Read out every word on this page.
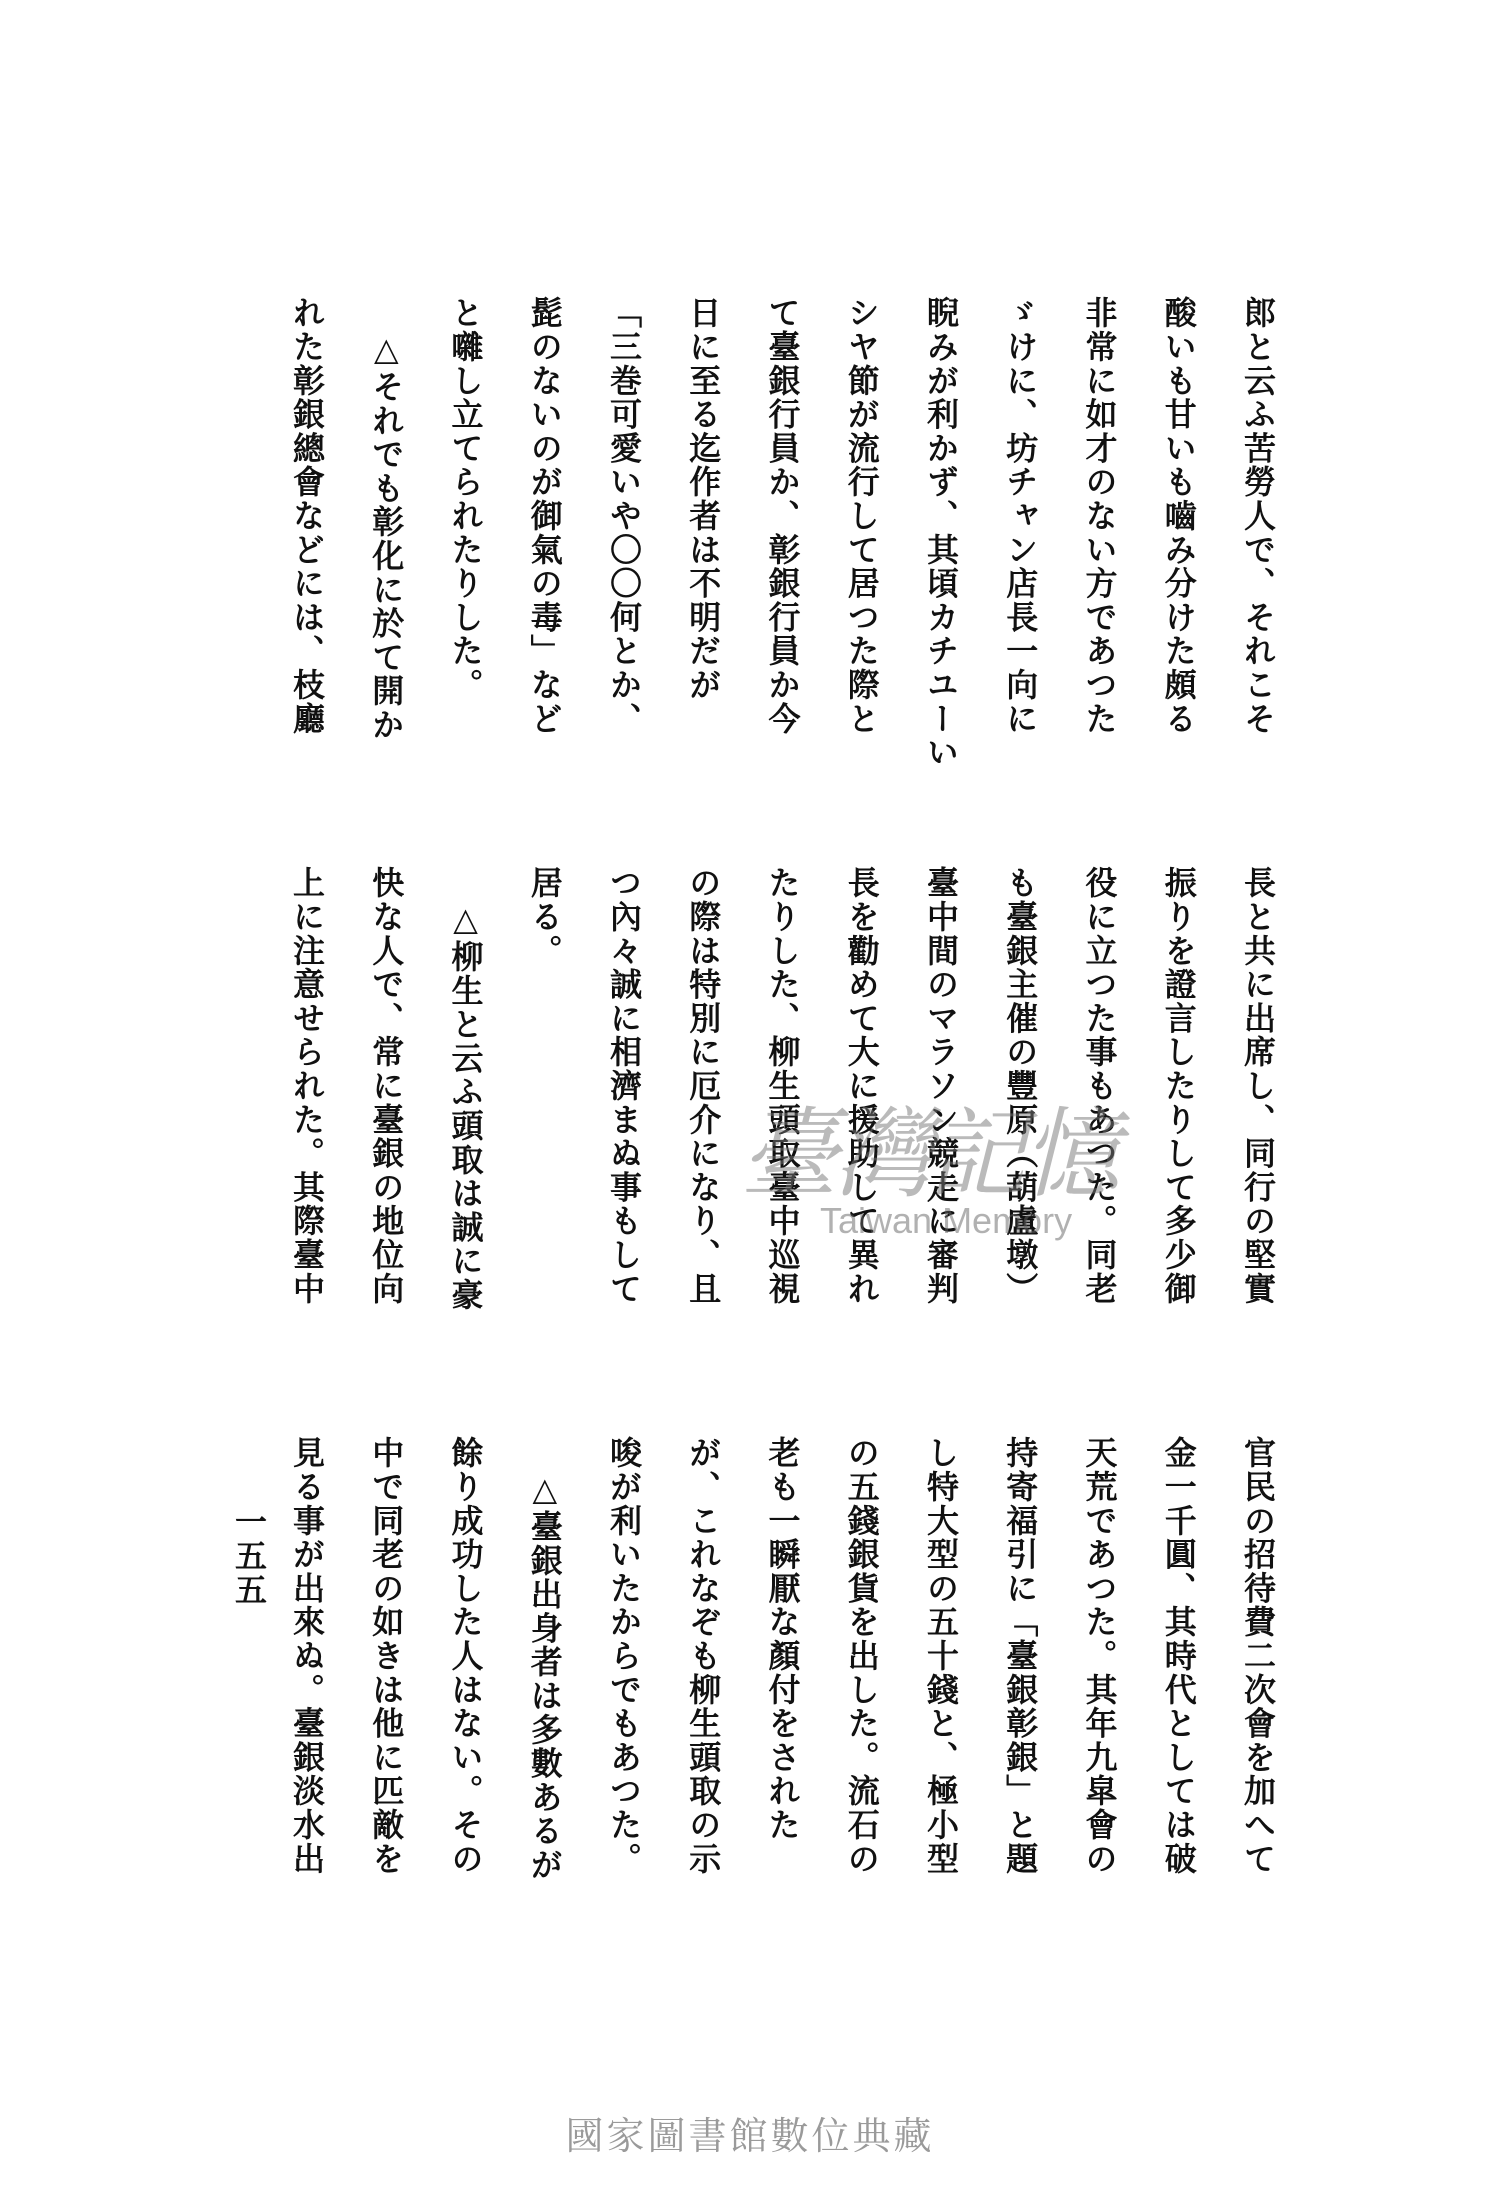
郎と云ふ苦勞人で、それこそ
酸いも甘いも嚙み分けた頗る
非常に如才のない方であつた
ゞけに、坊チャン店長一向に
睨みが利かず、其頃カチユーい
シヤ節が流行して居つた際と
て臺銀行員か、彰銀行員か今
日に至る迄作者は不明だが
「三巻可愛いや〇〇何とか、
髭のないのが御氣の毒」など
と囃し立てられたりした。
△それでも彰化に於て開か
れた彰銀總會などには、枝廳
長と共に出席し、同行の堅實
振りを證言したりして多少御
役に立つた事もあつた。同老
も臺銀主催の豐原（葫盧墩）
臺中間のマラソン競走に審判
長を勸めて大に援助して異れ
たりした、柳生頭取臺中巡視
の際は特別に厄介になり、且
つ內々誠に相濟まぬ事もして
居る。
△柳生と云ふ頭取は誠に豪
快な人で、常に臺銀の地位向
上に注意せられた。其際臺中
官民の招待費二次會を加へて
金一千圓、其時代としては破
天荒であつた。其年九皐會の
持寄福引に「臺銀彰銀」と題
し特大型の五十錢と、極小型
の五錢銀貨を出した。流石の
老も一瞬厭な顏付をされた
が、これなぞも柳生頭取の示
唆が利いたからでもあつた。
△臺銀出身者は多數あるが
餘り成功した人はない。その
中で同老の如きは他に匹敵を
見る事が出來ぬ。臺銀淡水出
一五五
臺灣記憶
Taiwan Memory
國家圖書館數位典藏
